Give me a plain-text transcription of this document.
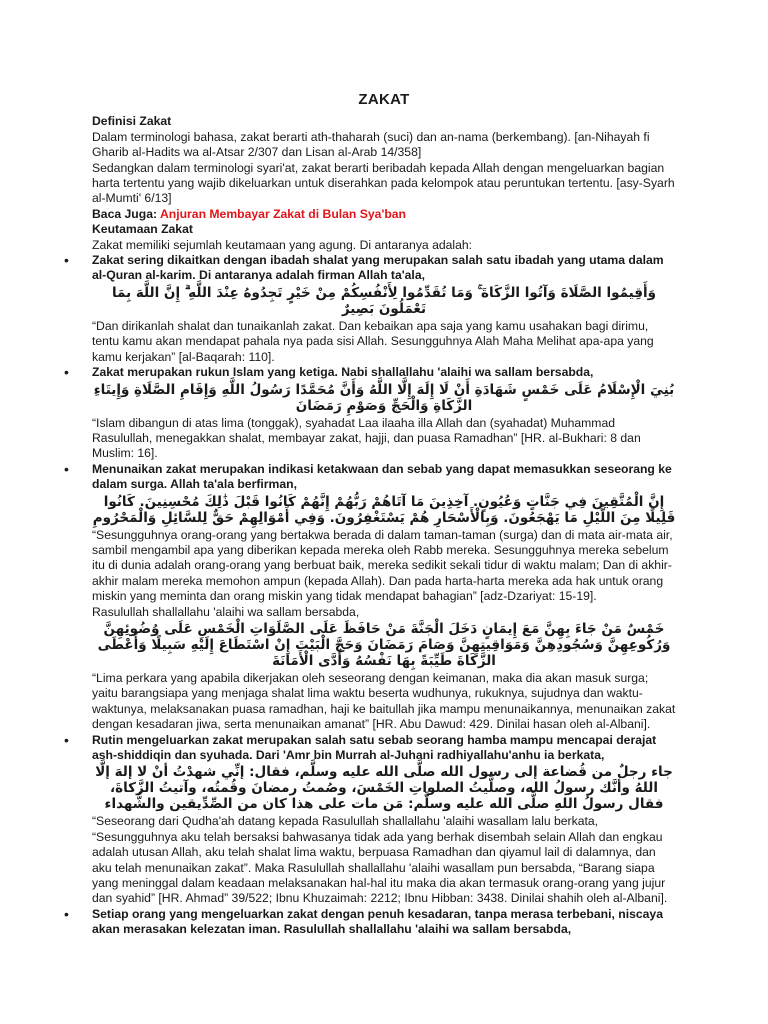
ZAKAT

Definisi Zakat

Dalam terminologi bahasa, zakat berarti ath-thaharah (suci) dan an-nama (berkembang). [an-Nihayah fi Gharib al-Hadits wa al-Atsar 2/307 dan Lisan al-Arab 14/358]

Sedangkan dalam terminologi syari'at, zakat berarti beribadah kepada Allah dengan mengeluarkan bagian harta tertentu yang wajib dikeluarkan untuk diserahkan pada kelompok atau peruntukan tertentu. [asy-Syarh al-Mumti' 6/13]

Baca Juga: Anjuran Membayar Zakat di Bulan Sya'ban

Keutamaan Zakat

Zakat memiliki sejumlah keutamaan yang agung. Di antaranya adalah:

• Zakat sering dikaitkan dengan ibadah shalat yang merupakan salah satu ibadah yang utama dalam al-Quran al-karim. Di antaranya adalah firman Allah ta'ala,

وَأَقِيمُوا الصَّلَاةَ وَآتُوا الزَّكَاةَ ۚ وَمَا تُقَدِّمُوا لِأَنْفُسِكُمْ مِنْ خَيْرٍ تَجِدُوهُ عِنْدَ اللَّهِ ۗ إِنَّ اللَّهَ بِمَا تَعْمَلُونَ بَصِيرٌ

“Dan dirikanlah shalat dan tunaikanlah zakat. Dan kebaikan apa saja yang kamu usahakan bagi dirimu, tentu kamu akan mendapat pahala nya pada sisi Allah. Sesungguhnya Alah Maha Melihat apa-apa yang kamu kerjakan” [al-Baqarah: 110].

• Zakat merupakan rukun Islam yang ketiga. Nabi shallallahu 'alaihi wa sallam bersabda,

بُنِيَ الْإِسْلَامُ عَلَى خَمْسٍ شَهَادَةِ أَنْ لَا إِلَهَ إِلَّا اللَّهُ وَأَنَّ مُحَمَّدًا رَسُولُ اللَّهِ وَإِقَامِ الصَّلَاةِ وَإِيتَاءِ الزَّكَاةِ وَالْحَجِّ وَصَوْمِ رَمَضَانَ

“Islam dibangun di atas lima (tonggak), syahadat Laa ilaaha illa Allah dan (syahadat) Muhammad Rasulullah, menegakkan shalat, membayar zakat, hajji, dan puasa Ramadhan” [HR. al-Bukhari: 8 dan Muslim: 16].

• Menunaikan zakat merupakan indikasi ketakwaan dan sebab yang dapat memasukkan seseorang ke dalam surga. Allah ta'ala berfirman,

إِنَّ الْمُتَّقِينَ فِي جَنَّاتٍ وَعُيُونٍ. آخِذِينَ مَا آتَاهُمْ رَبُّهُمْ إِنَّهُمْ كَانُوا قَبْلَ ذَٰلِكَ مُحْسِنِينَ. كَانُوا قَلِيلًا مِنَ اللَّيْلِ مَا يَهْجَعُونَ. وَبِالْأَسْحَارِ هُمْ يَسْتَغْفِرُونَ. وَفِي أَمْوَالِهِمْ حَقٌّ لِلسَّائِلِ وَالْمَحْرُومِ

“Sesungguhnya orang-orang yang bertakwa berada di dalam taman-taman (surga) dan di mata air-mata air, sambil mengambil apa yang diberikan kepada mereka oleh Rabb mereka. Sesungguhnya mereka sebelum itu di dunia adalah orang-orang yang berbuat baik, mereka sedikit sekali tidur di waktu malam; Dan di akhir-akhir malam mereka memohon ampun (kepada Allah). Dan pada harta-harta mereka ada hak untuk orang miskin yang meminta dan orang miskin yang tidak mendapat bahagian” [adz-Dzariyat: 15-19].

Rasulullah shallallahu 'alaihi wa sallam bersabda,

خَمْسٌ مَنْ جَاءَ بِهِنَّ مَعَ إِيمَانٍ دَخَلَ الْجَنَّةَ مَنْ حَافَظَ عَلَى الصَّلَوَاتِ الْخَمْسِ عَلَى وُضُوئِهِنَّ وَرُكُوعِهِنَّ وَسُجُودِهِنَّ وَمَوَاقِيتِهِنَّ وَصَامَ رَمَضَانَ وَحَجَّ الْبَيْتَ إِنْ اسْتَطَاعَ إِلَيْهِ سَبِيلًا وَأَعْطَى الزَّكَاةَ طَيِّبَةً بِهَا نَفْسُهُ وَأَدَّى الْأَمَانَةَ

“Lima perkara yang apabila dikerjakan oleh seseorang dengan keimanan, maka dia akan masuk surga; yaitu barangsiapa yang menjaga shalat lima waktu beserta wudhunya, rukuknya, sujudnya dan waktu-waktunya, melaksanakan puasa ramadhan, haji ke baitullah jika mampu menunaikannya, menunaikan zakat dengan kesadaran jiwa, serta menunaikan amanat” [HR. Abu Dawud: 429. Dinilai hasan oleh al-Albani].

• Rutin mengeluarkan zakat merupakan salah satu sebab seorang hamba mampu mencapai derajat ash-shiddiqin dan syuhada. Dari 'Amr bin Murrah al-Juhani radhiyallahu'anhu ia berkata,

جاء رجلٌ من قُضاعة إلى رسول الله صلَّى الله عليه وسلَّم، فقال: إنِّي شهدْتُ أنْ لا إلهَ إلَّا اللهُ وأنَّك رسولُ الله، وصلَّيتُ الصلواتِ الخَمْسَ، وصُمتُ رمضانَ وقُمتُه، وآتيتُ الزَّكاةَ، فقال رسولُ اللهِ صلَّى الله عليه وسلَّم: مَن مات على هذا كان من الصِّدِّيقين والشُّهداء

“Seseorang dari Qudha'ah datang kepada Rasulullah shallallahu 'alaihi wasallam lalu berkata, “Sesungguhnya aku telah bersaksi bahwasanya tidak ada yang berhak disembah selain Allah dan engkau adalah utusan Allah, aku telah shalat lima waktu, berpuasa Ramadhan dan qiyamul lail di dalamnya, dan aku telah menunaikan zakat”. Maka Rasulullah shallallahu 'alaihi wasallam pun bersabda, “Barang siapa yang meninggal dalam keadaan melaksanakan hal-hal itu maka dia akan termasuk orang-orang yang jujur dan syahid” [HR. Ahmad” 39/522; Ibnu Khuzaimah: 2212; Ibnu Hibban: 3438. Dinilai shahih oleh al-Albani].

• Setiap orang yang mengeluarkan zakat dengan penuh kesadaran, tanpa merasa terbebani, niscaya akan merasakan kelezatan iman. Rasulullah shallallahu 'alaihi wa sallam bersabda,
